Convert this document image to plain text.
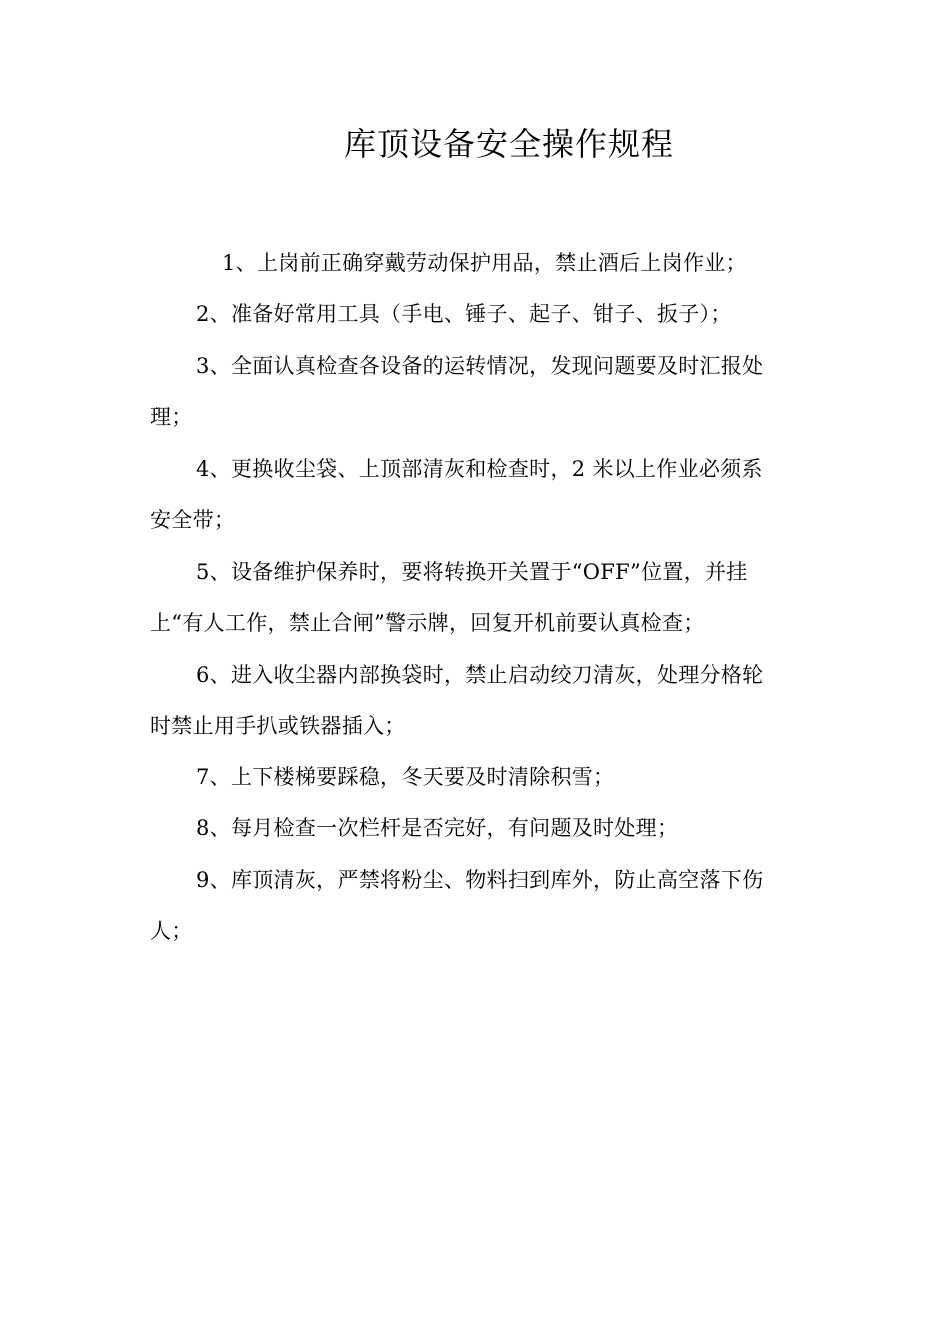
库顶设备安全操作规程
1、上岗前正确穿戴劳动保护用品，禁止酒后上岗作业；
2、准备好常用工具（手电、锤子、起子、钳子、扳子）；
3、全面认真检查各设备的运转情况，发现问题要及时汇报处
理；
4、更换收尘袋、上顶部清灰和检查时，2 米以上作业必须系
安全带；
5、设备维护保养时，要将转换开关置于“OFF”位置，并挂
上“有人工作，禁止合闸”警示牌，回复开机前要认真检查；
6、进入收尘器内部换袋时，禁止启动绞刀清灰，处理分格轮
时禁止用手扒或铁器插入；
7、上下楼梯要踩稳，冬天要及时清除积雪；
8、每月检查一次栏杆是否完好，有问题及时处理；
9、库顶清灰，严禁将粉尘、物料扫到库外，防止高空落下伤
人；
